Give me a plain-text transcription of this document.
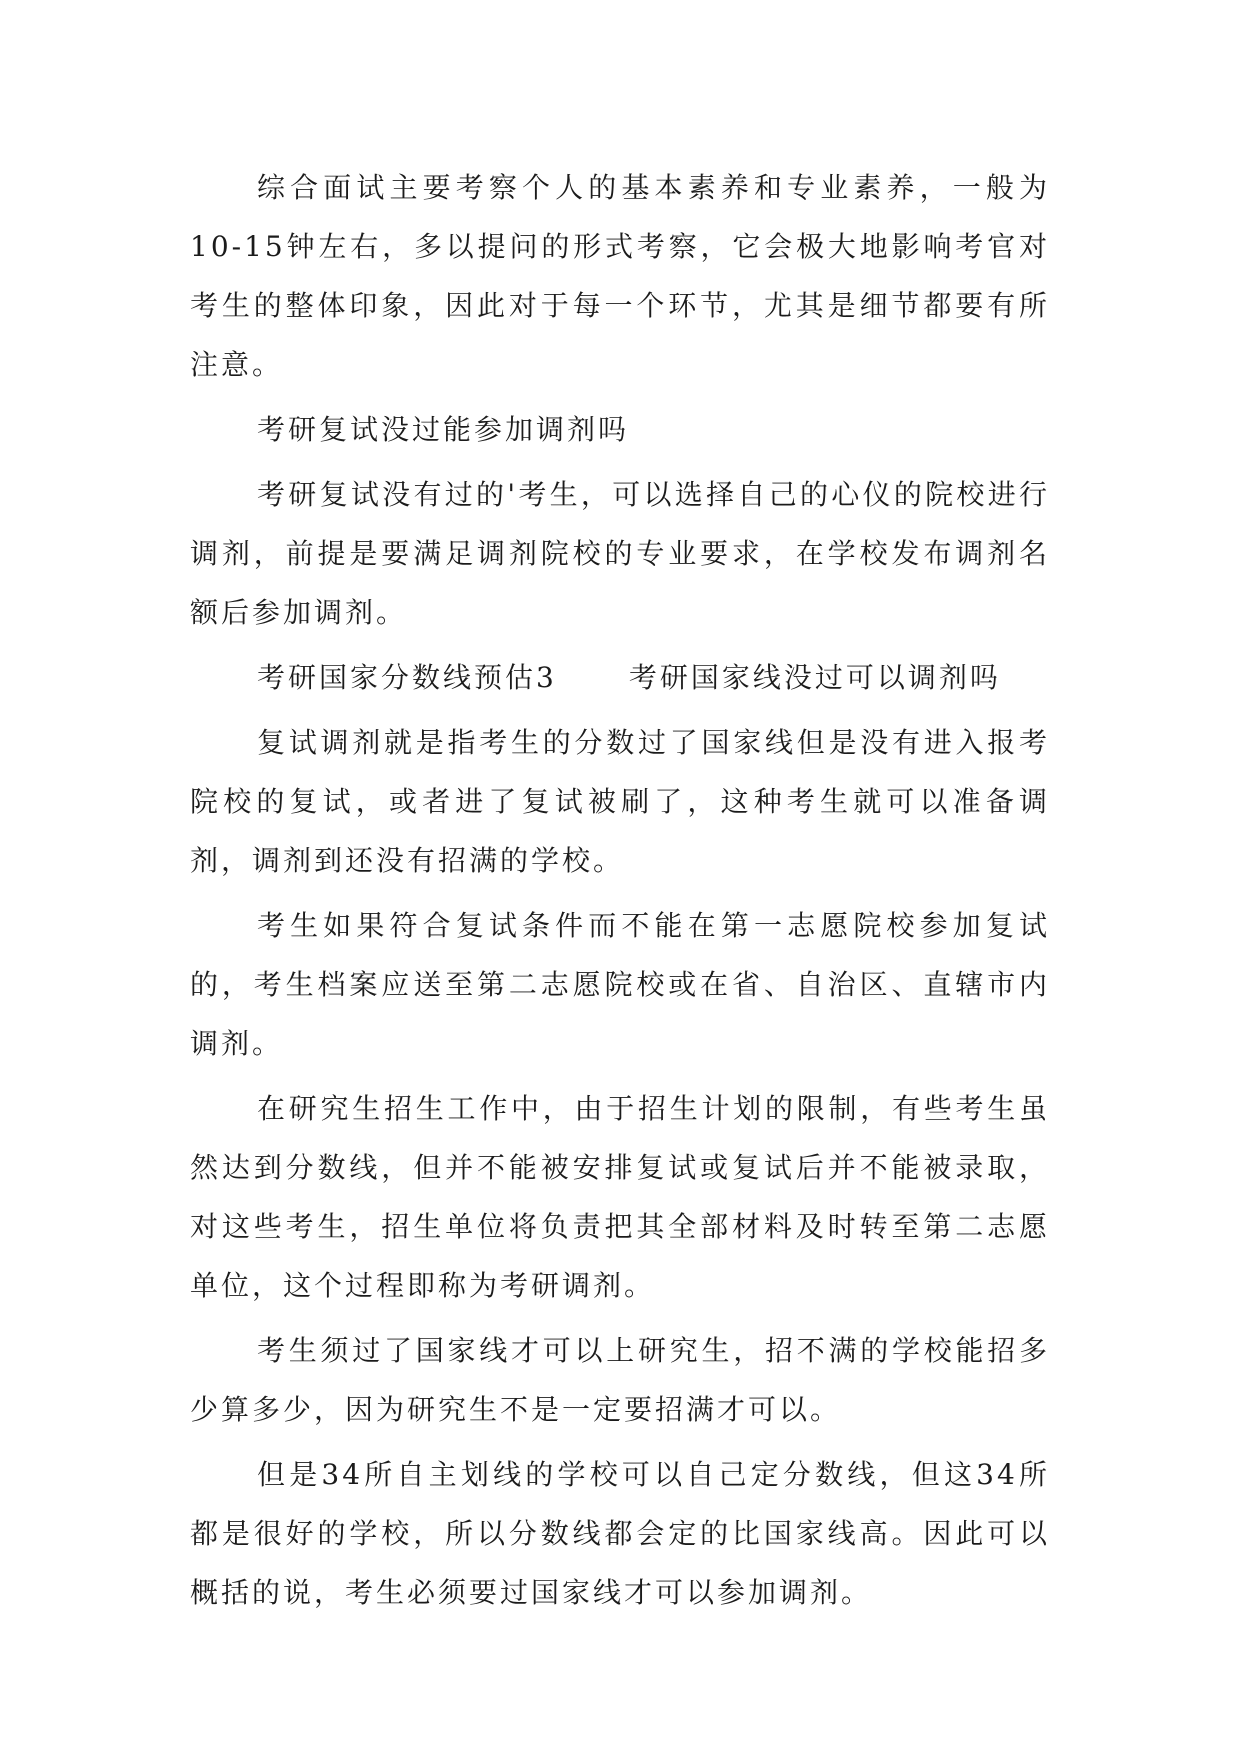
综合面试主要考察个人的基本素养和专业素养，一般为10-15钟左右，多以提问的形式考察，它会极大地影响考官对考生的整体印象，因此对于每一个环节，尤其是细节都要有所注意。

考研复试没过能参加调剂吗

考研复试没有过的'考生，可以选择自己的心仪的院校进行调剂，前提是要满足调剂院校的专业要求，在学校发布调剂名额后参加调剂。

考研国家分数线预估3	考研国家线没过可以调剂吗

复试调剂就是指考生的分数过了国家线但是没有进入报考院校的复试，或者进了复试被刷了，这种考生就可以准备调剂，调剂到还没有招满的学校。

考生如果符合复试条件而不能在第一志愿院校参加复试的，考生档案应送至第二志愿院校或在省、自治区、直辖市内调剂。

在研究生招生工作中，由于招生计划的限制，有些考生虽然达到分数线，但并不能被安排复试或复试后并不能被录取，对这些考生，招生单位将负责把其全部材料及时转至第二志愿单位，这个过程即称为考研调剂。

考生须过了国家线才可以上研究生，招不满的学校能招多少算多少，因为研究生不是一定要招满才可以。

但是34所自主划线的学校可以自己定分数线，但这34所都是很好的学校，所以分数线都会定的比国家线高。因此可以概括的说，考生必须要过国家线才可以参加调剂。
